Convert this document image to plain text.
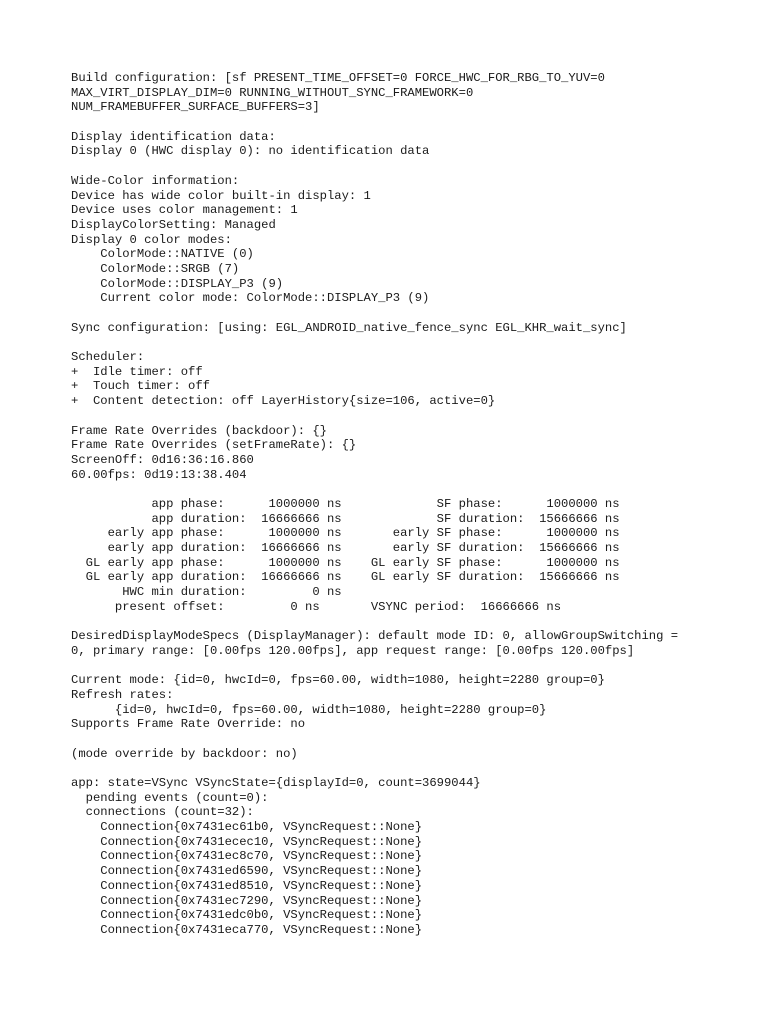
Build configuration: [sf PRESENT_TIME_OFFSET=0 FORCE_HWC_FOR_RBG_TO_YUV=0
MAX_VIRT_DISPLAY_DIM=0 RUNNING_WITHOUT_SYNC_FRAMEWORK=0
NUM_FRAMEBUFFER_SURFACE_BUFFERS=3]

Display identification data:
Display 0 (HWC display 0): no identification data

Wide-Color information:
Device has wide color built-in display: 1
Device uses color management: 1
DisplayColorSetting: Managed
Display 0 color modes:
ColorMode::NATIVE (0)
ColorMode::SRGB (7)
ColorMode::DISPLAY_P3 (9)
Current color mode: ColorMode::DISPLAY_P3 (9)

Sync configuration: [using: EGL_ANDROID_native_fence_sync EGL_KHR_wait_sync]

Scheduler:
+  Idle timer: off
+  Touch timer: off
+  Content detection: off LayerHistory{size=106, active=0}

Frame Rate Overrides (backdoor): {}
Frame Rate Overrides (setFrameRate): {}
ScreenOff: 0d16:36:16.860
60.00fps: 0d19:13:38.404

app phase:      1000000 ns             SF phase:      1000000 ns
app duration:  16666666 ns             SF duration:  15666666 ns
early app phase:      1000000 ns       early SF phase:      1000000 ns
early app duration:  16666666 ns       early SF duration:  15666666 ns
GL early app phase:      1000000 ns    GL early SF phase:      1000000 ns
GL early app duration:  16666666 ns    GL early SF duration:  15666666 ns
HWC min duration:         0 ns
present offset:         0 ns       VSYNC period:  16666666 ns

DesiredDisplayModeSpecs (DisplayManager): default mode ID: 0, allowGroupSwitching =
0, primary range: [0.00fps 120.00fps], app request range: [0.00fps 120.00fps]

Current mode: {id=0, hwcId=0, fps=60.00, width=1080, height=2280 group=0}
Refresh rates:
{id=0, hwcId=0, fps=60.00, width=1080, height=2280 group=0}
Supports Frame Rate Override: no

(mode override by backdoor: no)

app: state=VSync VSyncState={displayId=0, count=3699044}
pending events (count=0):
connections (count=32):
Connection{0x7431ec61b0, VSyncRequest::None}
Connection{0x7431ecec10, VSyncRequest::None}
Connection{0x7431ec8c70, VSyncRequest::None}
Connection{0x7431ed6590, VSyncRequest::None}
Connection{0x7431ed8510, VSyncRequest::None}
Connection{0x7431ec7290, VSyncRequest::None}
Connection{0x7431edc0b0, VSyncRequest::None}
Connection{0x7431eca770, VSyncRequest::None}
